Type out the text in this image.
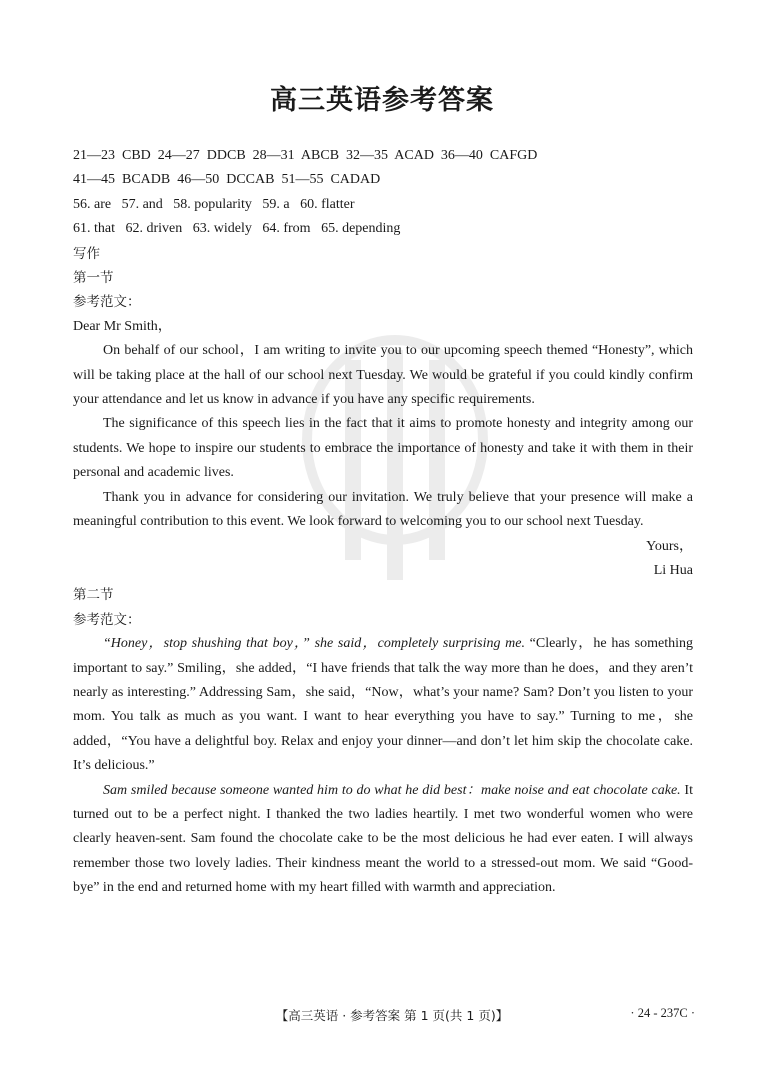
高三英语参考答案
21—23  CBD  24—27  DDCB  28—31  ABCB  32—35  ACAD  36—40  CAFGD
41—45  BCADB  46—50  DCCAB  51—55  CADAD
56. are   57. and   58. popularity   59. a   60. flatter
61. that   62. driven   63. widely   64. from   65. depending
写作
第一节
参考范文：
Dear Mr Smith，

On behalf of our school，I am writing to invite you to our upcoming speech themed “Honesty”, which will be taking place at the hall of our school next Tuesday. We would be grateful if you could kindly confirm your attendance and let us know in advance if you have any specific requirements.

The significance of this speech lies in the fact that it aims to promote honesty and integrity among our students. We hope to inspire our students to embrace the importance of honesty and take it with them in their personal and academic lives.

Thank you in advance for considering our invitation. We truly believe that your presence will make a meaningful contribution to this event. We look forward to welcoming you to our school next Tuesday.

Yours，
Li Hua
第二节
参考范文：

“Honey，stop shushing that boy，” she said，completely surprising me. “Clearly，he has something important to say.” Smiling，she added，“I have friends that talk the way more than he does，and they aren’t nearly as interesting.” Addressing Sam，she said，“Now，what’s your name? Sam? Don’t you listen to your mom. You talk as much as you want. I want to hear everything you have to say.” Turning to me，she added，“You have a delightful boy. Relax and enjoy your dinner—and don’t let him skip the chocolate cake. It’s delicious.”

Sam smiled because someone wanted him to do what he did best：make noise and eat chocolate cake. It turned out to be a perfect night. I thanked the two ladies heartily. I met two wonderful women who were clearly heaven-sent. Sam found the chocolate cake to be the most delicious he had ever eaten. I will always remember those two lovely ladies. Their kindness meant the world to a stressed-out mom. We said “Good-bye” in the end and returned home with my heart filled with warmth and appreciation.

【高三英语 · 参考答案 第 1 页(共 1 页)】	· 24 - 237C ·
